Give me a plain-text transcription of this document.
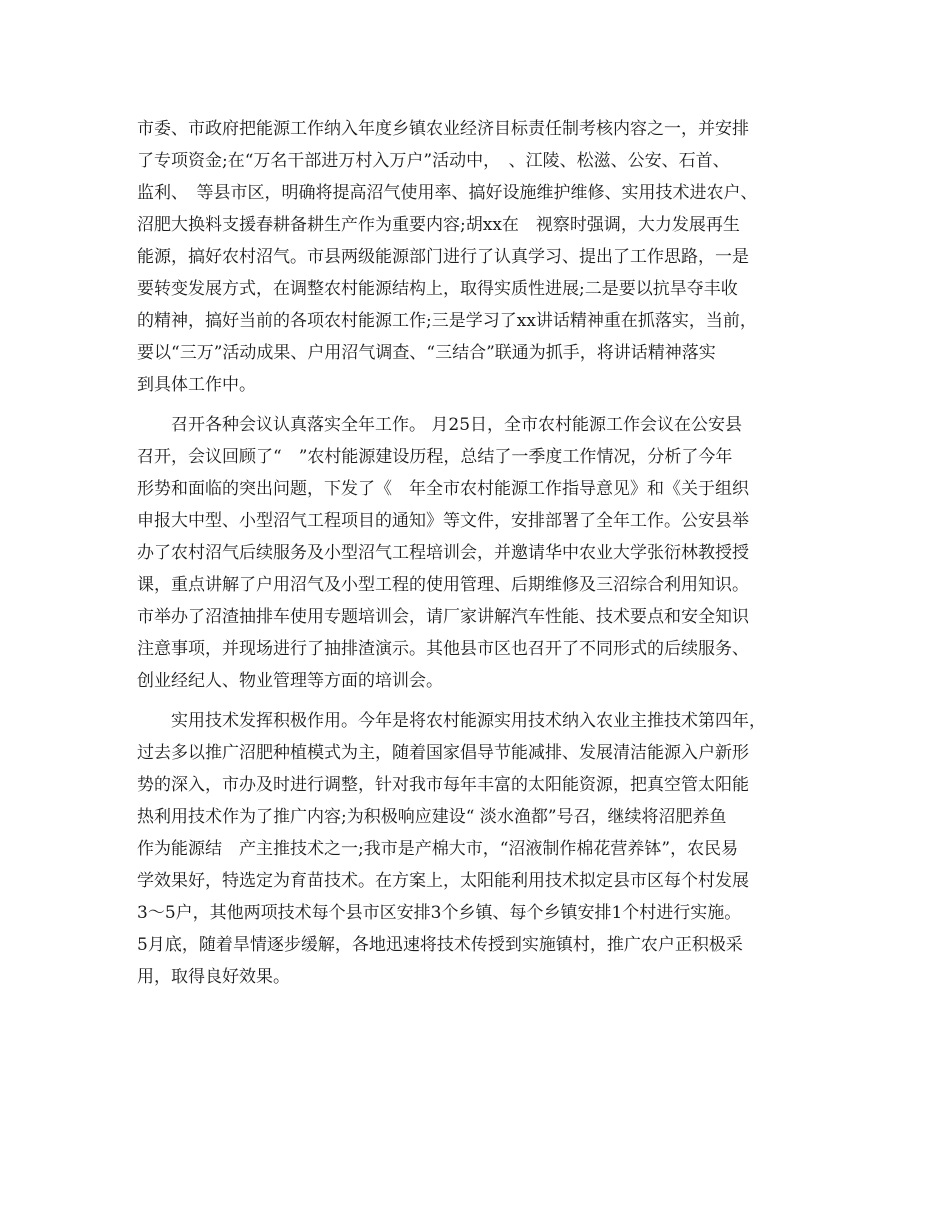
市委、市政府把能源工作纳入年度乡镇农业经济目标责任制考核内容之一，并安排
了专项资金;在“万名干部进万村入万户”活动中，　、江陵、松滋、公安、石首、
监利、　等县市区，明确将提高沼气使用率、搞好设施维护维修、实用技术进农户、
沼肥大换料支援春耕备耕生产作为重要内容;胡xx在　视察时强调，大力发展再生
能源，搞好农村沼气。市县两级能源部门进行了认真学习、提出了工作思路，一是
要转变发展方式，在调整农村能源结构上，取得实质性进展;二是要以抗旱夺丰收
的精神，搞好当前的各项农村能源工作;三是学习了xx讲话精神重在抓落实，当前，
要以“三万”活动成果、户用沼气调查、“三结合”联通为抓手，将讲话精神落实
到具体工作中。
　　召开各种会议认真落实全年工作。 月25日，全市农村能源工作会议在公安县
召开，会议回顾了“　”农村能源建设历程，总结了一季度工作情况，分析了今年
形势和面临的突出问题，下发了《　年全市农村能源工作指导意见》和《关于组织
申报大中型、小型沼气工程项目的通知》等文件，安排部署了全年工作。公安县举
办了农村沼气后续服务及小型沼气工程培训会，并邀请华中农业大学张衍林教授授
课，重点讲解了户用沼气及小型工程的使用管理、后期维修及三沼综合利用知识。
市举办了沼渣抽排车使用专题培训会，请厂家讲解汽车性能、技术要点和安全知识
注意事项，并现场进行了抽排渣演示。其他县市区也召开了不同形式的后续服务、
创业经纪人、物业管理等方面的培训会。
　　实用技术发挥积极作用。今年是将农村能源实用技术纳入农业主推技术第四年，
过去多以推广沼肥种植模式为主，随着国家倡导节能减排、发展清洁能源入户新形
势的深入，市办及时进行调整，针对我市每年丰富的太阳能资源，把真空管太阳能
热利用技术作为了推广内容;为积极响应建设“ 淡水渔都”号召，继续将沼肥养鱼
作为能源结　产主推技术之一;我市是产棉大市，“沼液制作棉花营养钵”，农民易
学效果好，特选定为育苗技术。在方案上，太阳能利用技术拟定县市区每个村发展
3～5户，其他两项技术每个县市区安排3个乡镇、每个乡镇安排1个村进行实施。
5月底，随着旱情逐步缓解，各地迅速将技术传授到实施镇村，推广农户正积极采
用，取得良好效果。
